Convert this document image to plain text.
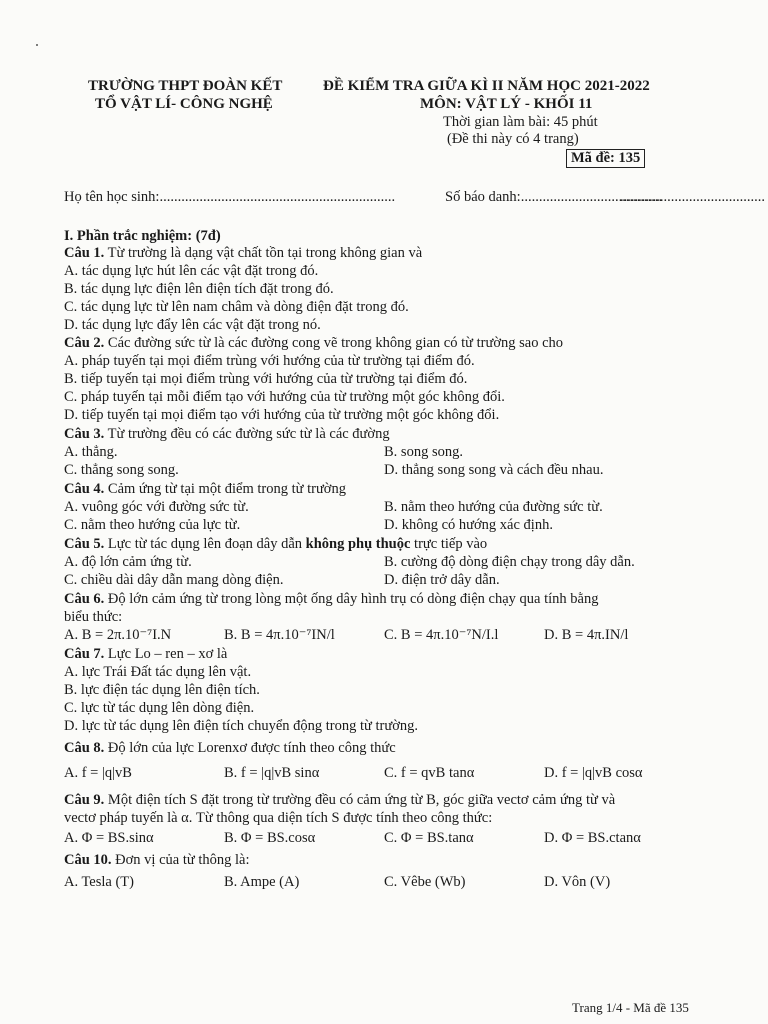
TRƯỜNG THPT ĐOÀN KẾT
TỔ VẬT LÍ- CÔNG NGHỆ
ĐỀ KIỂM TRA GIỮA KÌ II NĂM HỌC 2021-2022
MÔN: VẬT LÝ - KHỐI 11
Thời gian làm bài: 45 phút
(Đề thi này có 4 trang)
Mã đề: 135
Họ tên học sinh:.................................................................	Số báo danh:.......................................
........................................
I. Phần trắc nghiệm: (7đ)
Câu 1. Từ trường là dạng vật chất tồn tại trong không gian và
A. tác dụng lực hút lên các vật đặt trong đó.
B. tác dụng lực điện lên điện tích đặt trong đó.
C. tác dụng lực từ lên nam châm và dòng điện đặt trong đó.
D. tác dụng lực đẩy lên các vật đặt trong nó.
Câu 2. Các đường sức từ là các đường cong vẽ trong không gian có từ trường sao cho
A. pháp tuyến tại mọi điểm trùng với hướng của từ trường tại điểm đó.
B. tiếp tuyến tại mọi điểm trùng với hướng của từ trường tại điểm đó.
C. pháp tuyến tại mỗi điểm tạo với hướng của từ trường một góc không đổi.
D. tiếp tuyến tại mọi điểm tạo với hướng của từ trường một góc không đổi.
Câu 3. Từ trường đều có các đường sức từ là các đường
A. thẳng.	B. song song.
C. thẳng song song.	D. thẳng song song và cách đều nhau.
Câu 4. Cảm ứng từ tại một điểm trong từ trường
A. vuông góc với đường sức từ.	B. nằm theo hướng của đường sức từ.
C. nằm theo hướng của lực từ.	D. không có hướng xác định.
Câu 5. Lực từ tác dụng lên đoạn dây dẫn không phụ thuộc trực tiếp vào
A. độ lớn cảm ứng từ.	B. cường độ dòng điện chạy trong dây dẫn.
C. chiều dài dây dẫn mang dòng điện.	D. điện trở dây dẫn.
Câu 6. Độ lớn cảm ứng từ trong lòng một ống dây hình trụ có dòng điện chạy qua tính bằng
biểu thức:
A. B = 2π.10⁻⁷I.N	B. B = 4π.10⁻⁷IN/l	C. B = 4π.10⁻⁷N/I.l	D. B = 4π.IN/l
Câu 7. Lực Lo – ren – xơ là
A. lực Trái Đất tác dụng lên vật.
B. lực điện tác dụng lên điện tích.
C. lực từ tác dụng lên dòng điện.
D. lực từ tác dụng lên điện tích chuyển động trong từ trường.
Câu 8. Độ lớn của lực Lorenxơ được tính theo công thức
A. f = |q|vB	B. f = |q|vB sinα	C. f = qvB tanα	D. f = |q|vB cosα
Câu 9. Một điện tích S đặt trong từ trường đều có cảm ứng từ B, góc giữa vectơ cảm ứng từ và
vectơ pháp tuyến là α. Từ thông qua diện tích S được tính theo công thức:
A. Φ = BS.sinα	B. Φ = BS.cosα	C. Φ = BS.tanα	D. Φ = BS.ctanα
Câu 10. Đơn vị của từ thông là:
A. Tesla (T)	B. Ampe (A)	C. Vêbe (Wb)	D. Vôn (V)
Trang 1/4 - Mã đề 135
